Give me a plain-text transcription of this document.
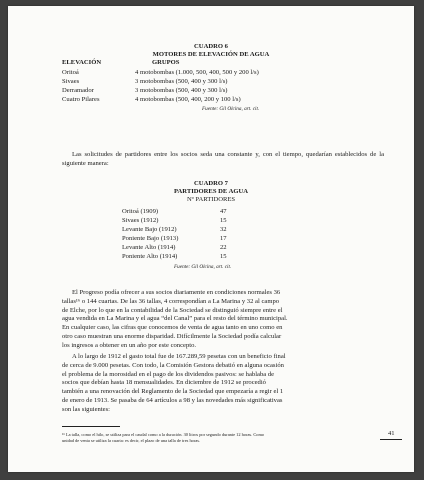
CUADRO 6
MOTORES DE ELEVACIÓN DE AGUA
ELEVACIÓN	GRUPOS
Oritoá	4 motobombas (1.000, 500, 400, 500 y 200 l/s)
Sivaes	3 motobombas (500, 400 y 300 l/s)
Derramador	3 motobombas (500, 400 y 300 l/s)
Cuatro Pilares	4 motobombas (500, 400, 200 y 100 l/s)
Fuente: Gil Olcina, art. cit.
Las solicitudes de partidores entre los socios seda una constante y, con el tiempo, quedarían establecidos de la siguiente manera:
CUADRO 7
PARTIDORES DE AGUA
Nº PARTIDORES
Oritoá (1909)	47
Sivaes (1912)	15
Levante Bajo (1912)	32
Poniente Bajo (1913)	17
Levante Alto (1914)	22
Poniente Alto (1914)	15
Fuente: Gil Olcina, art. cit.
El Progreso podía ofrecer a sus socios diariamente en condiciones normales 36
tallas¹⁶ o 144 cuartas. De las 36 tallas, 4 correspondían a La Marina y 32 al campo
de Elche, por lo que en la contabilidad de la Sociedad se distinguió siempre entre el
agua vendida en La Marina y el agua “del Canal” para el resto del término municipal.
En cualquier caso, las cifras que conocemos de venta de agua tanto en uno como en
otro caso muestran una enorme disparidad. Difícilmente la Sociedad podía calcular
los ingresos a obtener en un año por este concepto.
A lo largo de 1912 el gasto total fue de 167.289,59 pesetas con un beneficio final
de cerca de 9.000 pesetas. Con todo, la Comisión Gestora debatió en alguna ocasión
el problema de la morosidad en el pago de los dividendos pasivos: se hablaba de
socios que debían hasta 18 mensualidades. En diciembre de 1912 se procedió
también a una renovación del Reglamento de la Sociedad que empezaría a regir el 1
de enero de 1913. Se pasaba de 64 artículos a 98 y las novedades más significativas
son las siguientes:
¹⁶ La talla, como el hilo, se utiliza para el caudal como a la duración. 30 litros por segundo durante 12 horas. Como
unidad de venta se utiliza la cuarta: es decir, el plazo de una talla de tres horas.
41
